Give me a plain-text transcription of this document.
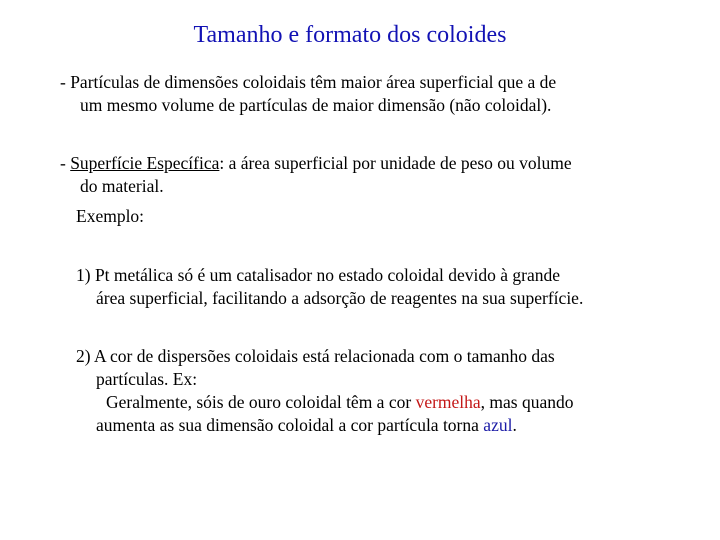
Tamanho e formato dos coloides
- Partículas de dimensões coloidais têm maior área superficial que a de
um mesmo volume de partículas de maior dimensão (não coloidal).
- Superfície Específica: a área superficial por unidade de peso ou volume
do material.
Exemplo:
1) Pt metálica só é um catalisador no estado coloidal devido à grande
área superficial, facilitando a adsorção de reagentes na sua superfície.
2) A cor de dispersões coloidais está relacionada com o tamanho das
partículas. Ex:
Geralmente, sóis de ouro coloidal têm a cor vermelha, mas quando
aumenta as sua dimensão coloidal a cor partícula torna azul.
